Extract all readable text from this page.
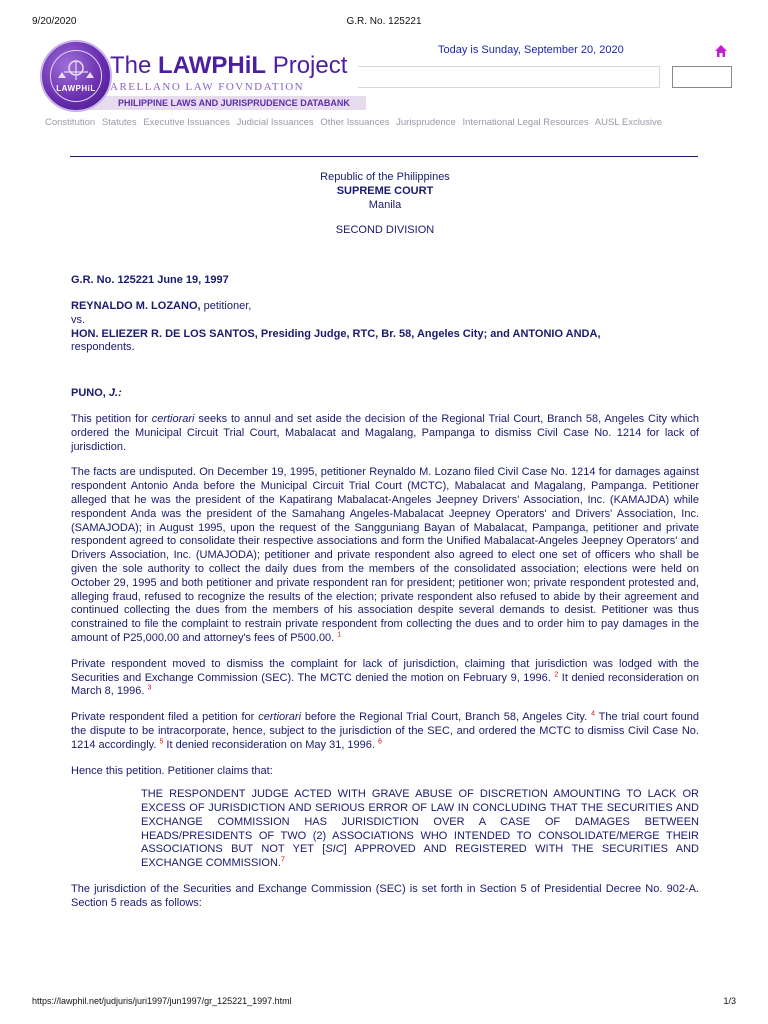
9/20/2020	G.R. No. 125221
PHILIPPINE LAWS AND JURISPRUDENCE DATABANK
LAWPHiL
The LAWPHiL Project
ARELLANO LAW FOVNDATION
Today is Sunday, September 20, 2020
Constitution Statutes Executive Issuances Judicial Issuances Other Issuances Jurisprudence International Legal Resources AUSL Exclusive
Republic of the Philippines
SUPREME COURT
Manila
SECOND DIVISION
G.R. No. 125221 June 19, 1997
REYNALDO M. LOZANO, petitioner,
vs.
HON. ELIEZER R. DE LOS SANTOS, Presiding Judge, RTC, Br. 58, Angeles City; and ANTONIO ANDA,
respondents.
PUNO, J.:

This petition for certiorari seeks to annul and set aside the decision of the Regional Trial Court, Branch 58, Angeles City which ordered the Municipal Circuit Trial Court, Mabalacat and Magalang, Pampanga to dismiss Civil Case No. 1214 for lack of jurisdiction.

The facts are undisputed. On December 19, 1995, petitioner Reynaldo M. Lozano filed Civil Case No. 1214 for damages against respondent Antonio Anda before the Municipal Circuit Trial Court (MCTC), Mabalacat and Magalang, Pampanga. Petitioner alleged that he was the president of the Kapatirang Mabalacat-Angeles Jeepney Drivers' Association, Inc. (KAMAJDA) while respondent Anda was the president of the Samahang Angeles-Mabalacat Jeepney Operators' and Drivers' Association, Inc. (SAMAJODA); in August 1995, upon the request of the Sangguniang Bayan of Mabalacat, Pampanga, petitioner and private respondent agreed to consolidate their respective associations and form the Unified Mabalacat-Angeles Jeepney Operators' and Drivers Association, Inc. (UMAJODA); petitioner and private respondent also agreed to elect one set of officers who shall be given the sole authority to collect the daily dues from the members of the consolidated association; elections were held on October 29, 1995 and both petitioner and private respondent ran for president; petitioner won; private respondent protested and, alleging fraud, refused to recognize the results of the election; private respondent also refused to abide by their agreement and continued collecting the dues from the members of his association despite several demands to desist. Petitioner was thus constrained to file the complaint to restrain private respondent from collecting the dues and to order him to pay damages in the amount of P25,000.00 and attorney's fees of P500.00. $^1$

Private respondent moved to dismiss the complaint for lack of jurisdiction, claiming that jurisdiction was lodged with the Securities and Exchange Commission (SEC). The MCTC denied the motion on February 9, 1996. $^2$ It denied reconsideration on March 8, 1996. $^3$

Private respondent filed a petition for certiorari before the Regional Trial Court, Branch 58, Angeles City. $^4$ The trial court found the dispute to be intracorporate, hence, subject to the jurisdiction of the SEC, and ordered the MCTC to dismiss Civil Case No. 1214 accordingly. $^5$ It denied reconsideration on May 31, 1996. $^6$

Hence this petition. Petitioner claims that:

THE RESPONDENT JUDGE ACTED WITH GRAVE ABUSE OF DISCRETION AMOUNTING TO LACK OR EXCESS OF JURISDICTION AND SERIOUS ERROR OF LAW IN CONCLUDING THAT THE SECURITIES AND EXCHANGE COMMISSION HAS JURISDICTION OVER A CASE OF DAMAGES BETWEEN HEADS/PRESIDENTS OF TWO (2) ASSOCIATIONS WHO INTENDED TO CONSOLIDATE/MERGE THEIR ASSOCIATIONS BUT NOT YET [SIC] APPROVED AND REGISTERED WITH THE SECURITIES AND EXCHANGE COMMISSION.$^7$

The jurisdiction of the Securities and Exchange Commission (SEC) is set forth in Section 5 of Presidential Decree No. 902-A. Section 5 reads as follows:

https://lawphil.net/judjuris/juri1997/jun1997/gr_125221_1997.html	1/3
